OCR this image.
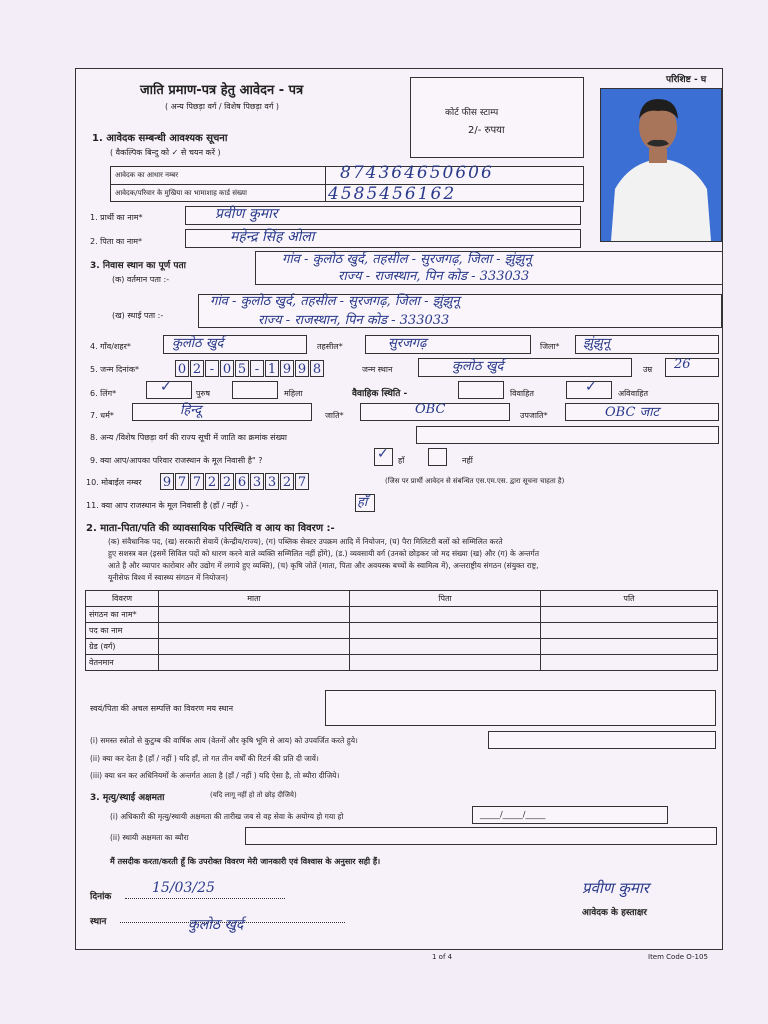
परिशिष्ट - घ
जाति प्रमाण-पत्र हेतु आवेदन - पत्र
( अन्य पिछड़ा वर्ग / विशेष पिछड़ा वर्ग )
कोर्ट फीस स्टाम्प
2/- रुपया
1. आवेदक सम्बन्धी आवश्यक सूचना
( वैकल्पिक बिन्दु को ✓ से चयन करें )
आवेदक का आधार नम्बर	874364650606
आवेदक/परिवार के मुखिया का भामाशाह कार्ड संख्या	4585456162
1. प्रार्थी का नाम*	प्रवीण कुमार
2. पिता का नाम*	महेन्द्र सिंह ओला
3. निवास स्थान का पूर्ण पता
(क) वर्तमान पता :-
गांव - कुलोठ खुर्द, तहसील - सुरजगढ़, जिला - झुंझुनू
राज्य - राजस्थान, पिन कोड - 333033
(ख) स्थाई पता :-
गांव - कुलोठ खुर्द, तहसील - सुरजगढ़, जिला - झुंझुनू
राज्य - राजस्थान, पिन कोड - 333033
4. गाँव/शहर*	कुलोठ खुर्द	तहसील*	सुरजगढ़	जिला* झुंझुनू
5. जन्म दिनांक*	0 2 - 0 5 - 1 9 9 8	जन्म स्थान	कुलोठ खुर्द	उम्र 26
6. लिंग*	✓	पुरुष	महिला	वैवाहिक स्थिति -	विवाहित	✓	अविवाहित
7. धर्म*	हिन्दू	जाति*	OBC	उपजाति*	OBC जाट
8. अन्य /विशेष पिछड़ा वर्ग की राज्य सूची में जाति का क्रमांक संख्या
9. क्या आप/आपका परिवार राजस्थान के मूल निवासी है" ?	✓ हाँ	नहीं
10. मोबाईल नम्बर 9 7 7 2 2 6 3 3 2 7	(जिस पर प्रार्थी आवेदन से संबन्धित एस.एम.एस. द्वारा सूचना चाहता है)
11. क्या आप राजस्थान के मूल निवासी है (हाँ / नहीं ) -	हाँ
2. माता-पिता/पति की व्यावसायिक परिस्थिति व आय का विवरण :-
(क) संवैधानिक पद, (ख) सरकारी सेवायें (केन्द्रीय/राज्य), (ग) पब्लिक सेक्टर उपक्रम आदि में नियोजन, (घ) पैरा मिलिटरी बलों को सम्मिलित करते
हुए सशस्त्र बल (इसमें सिविल पदों को धारण करने वाले व्यक्ति सम्मिलित नहीं होंगे), (ड.) व्यवसायी वर्ग (उनको छोड़कर जो मद संख्या (ख) और (ग) के अन्तर्गत
आते है और व्यापार कारोबार और उद्योग में लगाये हुए व्यक्ति), (च) कृषि जोतें (माता, पिता और अवयस्क बच्चों के स्वामित्व में), अन्तराष्ट्रीय संगठन (संयुक्त राष्ट्र,
यूनीसेफ विश्व में स्वास्थ्य संगठन में नियोजन)
विवरण	माता	पिता	पति
संगठन का नाम*			
पद का नाम			
ग्रेड (वर्ग)			
वेतनमान			
स्वयं/पिता की अचल सम्पत्ति का विवरण मय स्थान
(i) समस्त स्त्रोतो से कुटुम्ब की वार्षिक आय (वेतनों और कृषि भूमि से आय) को उपवर्जित करते हुये।
(ii) क्या कर देता है (हाँ / नहीं ) यदि हाँ, तो गत तीन वर्षों की रिटर्न की प्रति दी जावें।
(iii) क्या धन कर अधिनियमों के अन्तर्गत आता है (हाँ / नहीं ) यदि ऐसा है, तो ब्यौरा दीजिये।
3. मृत्यु/स्थाई अक्षमता	(यदि लागू नहीं हो तो छोड़ दीजिये)
(i) अधिकारी की मृत्यु/स्थायी अक्षमता की तारीख जब से वह सेवा के अयोग्य हो गया हो	_____/_____/_____
(ii) स्थायी अक्षमता का ब्यौरा
मैं तसदीक करता/करती हूँ कि उपरोक्त विवरण मेरी जानकारी एवं विश्वास के अनुसार सही हैं।
दिनांक
15/03/25
स्थान	कुलोठ खुर्द
प्रवीण कुमार
आवेदक के हस्ताक्षर
1 of 4	Item Code O-105
